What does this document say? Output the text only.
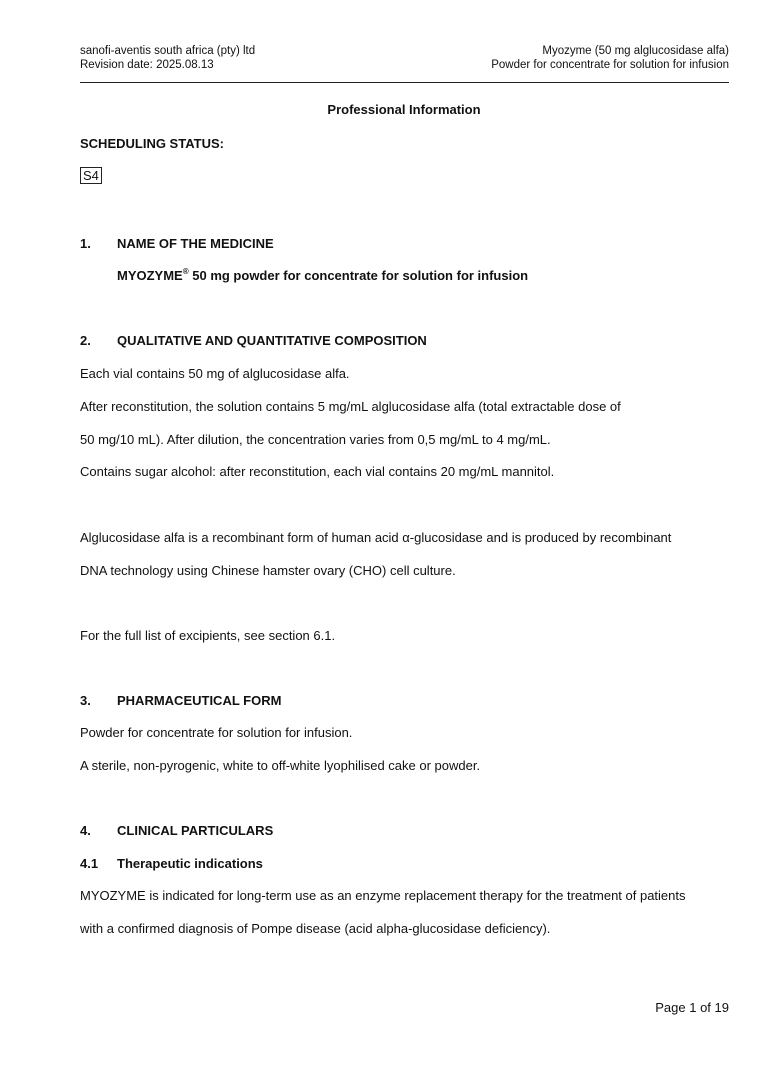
sanofi-aventis south africa (pty) ltd

Revision date: 2025.08.13

Myozyme (50 mg alglucosidase alfa)

Powder for concentrate for solution for infusion

Professional Information

SCHEDULING STATUS:

S4

1. NAME OF THE MEDICINE

MYOZYME® 50 mg powder for concentrate for solution for infusion

2. QUALITATIVE AND QUANTITATIVE COMPOSITION

Each vial contains 50 mg of alglucosidase alfa.

After reconstitution, the solution contains 5 mg/mL alglucosidase alfa (total extractable dose of

50 mg/10 mL). After dilution, the concentration varies from 0,5 mg/mL to 4 mg/mL.

Contains sugar alcohol: after reconstitution, each vial contains 20 mg/mL mannitol.

Alglucosidase alfa is a recombinant form of human acid α-glucosidase and is produced by recombinant

DNA technology using Chinese hamster ovary (CHO) cell culture.

For the full list of excipients, see section 6.1.

3. PHARMACEUTICAL FORM

Powder for concentrate for solution for infusion.

A sterile, non-pyrogenic, white to off-white lyophilised cake or powder.

4. CLINICAL PARTICULARS

4.1 Therapeutic indications

MYOZYME is indicated for long-term use as an enzyme replacement therapy for the treatment of patients

with a confirmed diagnosis of Pompe disease (acid alpha-glucosidase deficiency).

Page 1 of 19
